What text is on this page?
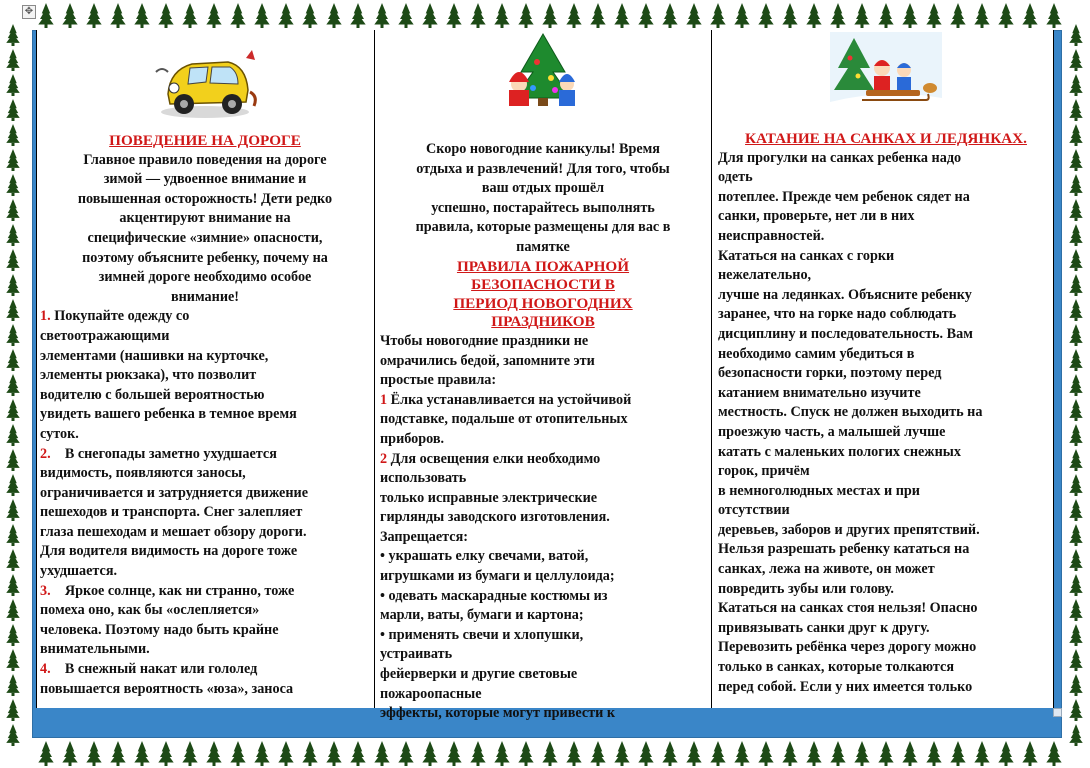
✥

ПОВЕДЕНИЕ НА ДОРОГЕ

Главное правило поведения на дороге

зимой — удвоенное внимание и

повышенная осторожность! Дети редко

акцентируют внимание на

специфические «зимние» опасности,

поэтому объясните ребенку, почему на

зимней дороге необходимо особое

внимание!

1. Покупайте одежду со

светоотражающими

элементами (нашивки на курточке,

элементы рюкзака), что позволит

водителю с большей вероятностью

увидеть вашего ребенка в темное время

суток.

2.    В снегопады заметно ухудшается

видимость, появляются заносы,

ограничивается и затрудняется движение

пешеходов и транспорта. Снег залепляет

глаза пешеходам и мешает обзору дороги.

Для водителя видимость на дороге тоже

ухудшается.

3.    Яркое солнце, как ни странно, тоже

помеха оно, как бы «ослепляется»

человека. Поэтому надо быть крайне

внимательными.

4.    В снежный накат или гололед

повышается вероятность «юза», заноса

Скоро новогодние каникулы! Время

отдыха и развлечений! Для того, чтобы

ваш отдых прошёл

успешно, постарайтесь выполнять

правила, которые размещены для вас в

памятке

ПРАВИЛА ПОЖАРНОЙ

БЕЗОПАСНОСТИ В

ПЕРИОД НОВОГОДНИХ

ПРАЗДНИКОВ

Чтобы новогодние праздники не

омрачились бедой, запомните эти

простые правила:

1 Ёлка устанавливается на устойчивой

подставке, подальше от отопительных

приборов.

2 Для освещения елки необходимо

использовать

только исправные электрические

гирлянды заводского изготовления.

Запрещается:

• украшать елку свечами, ватой,

игрушками из бумаги и целлулоида;

• одевать маскарадные костюмы из

марли, ваты, бумаги и картона;

• применять свечи и хлопушки,

устраивать

фейерверки и другие световые

пожароопасные

эффекты, которые могут привести к

КАТАНИЕ НА САНКАХ И ЛЕДЯНКАХ.

Для прогулки на санках ребенка надо

одеть

потеплее. Прежде чем ребенок сядет на

санки, проверьте, нет ли в них

неисправностей.

Кататься на санках с горки

нежелательно,

лучше на ледянках. Объясните ребенку

заранее, что на горке надо соблюдать

дисциплину и последовательность. Вам

необходимо самим убедиться в

безопасности горки, поэтому перед

катанием внимательно изучите

местность. Спуск не должен выходить на

проезжую часть, а малышей лучше

катать с маленьких пологих снежных

горок, причём

в немноголюдных местах и при

отсутствии

деревьев, заборов и других препятствий.

Нельзя разрешать ребенку кататься на

санках, лежа на животе, он может

повредить зубы или голову.

Кататься на санках стоя нельзя! Опасно

привязывать санки друг к другу.

Перевозить ребёнка через дорогу можно

только в санках, которые толкаются

перед собой. Если у них имеется только
